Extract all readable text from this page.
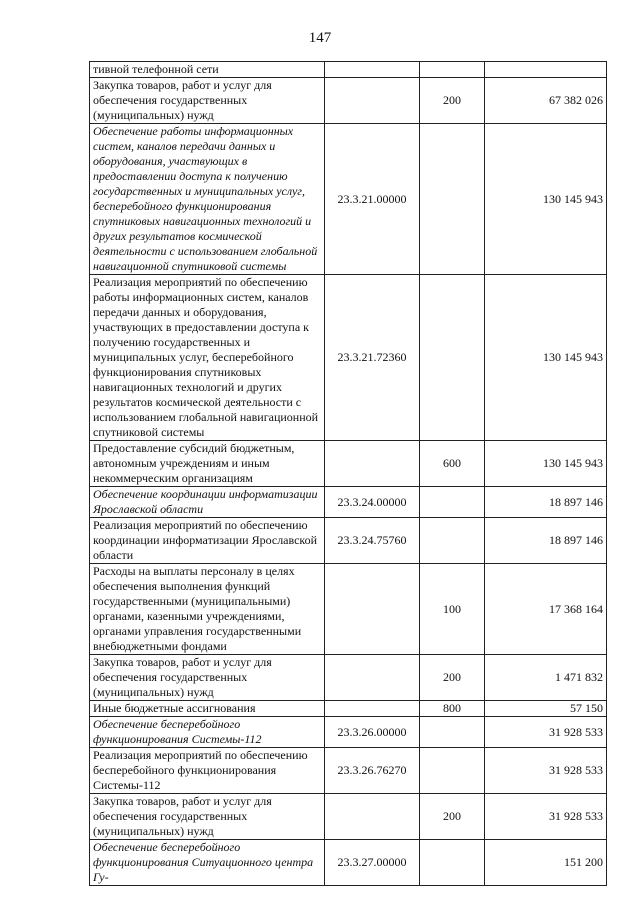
147
тивной телефонной сети			
Закупка товаров, работ и услуг для обеспечения государственных (муниципальных) нужд		200	67 382 026
Обеспечение работы информационных систем, каналов передачи данных и оборудования, участвующих в предоставлении доступа к получению государственных и муниципальных услуг, бесперебойного функционирования спутниковых навигационных технологий и других результатов космической деятельности с использованием глобальной навигационной спутниковой системы	23.3.21.00000		130 145 943
Реализация мероприятий по обеспечению работы информационных систем, каналов передачи данных и оборудования, участвующих в предоставлении доступа к получению государственных и муниципальных услуг, бесперебойного функционирования спутниковых навигационных технологий и других результатов космической деятельности с использованием глобальной навигационной спутниковой системы	23.3.21.72360		130 145 943
Предоставление субсидий бюджетным, автономным учреждениям и иным некоммерческим организациям		600	130 145 943
Обеспечение координации информатизации Ярославской области	23.3.24.00000		18 897 146
Реализация мероприятий по обеспечению координации информатизации Ярославской области	23.3.24.75760		18 897 146
Расходы на выплаты персоналу в целях обеспечения выполнения функций государственными (муниципальными) органами, казенными учреждениями, органами управления государственными внебюджетными фондами		100	17 368 164
Закупка товаров, работ и услуг для обеспечения государственных (муниципальных) нужд		200	1 471 832
Иные бюджетные ассигнования		800	57 150
Обеспечение бесперебойного функционирования Системы-112	23.3.26.00000		31 928 533
Реализация мероприятий по обеспечению бесперебойного функционирования Системы-112	23.3.26.76270		31 928 533
Закупка товаров, работ и услуг для обеспечения государственных (муниципальных) нужд		200	31 928 533
Обеспечение бесперебойного функционирования Ситуационного центра Гу-	23.3.27.00000		151 200
